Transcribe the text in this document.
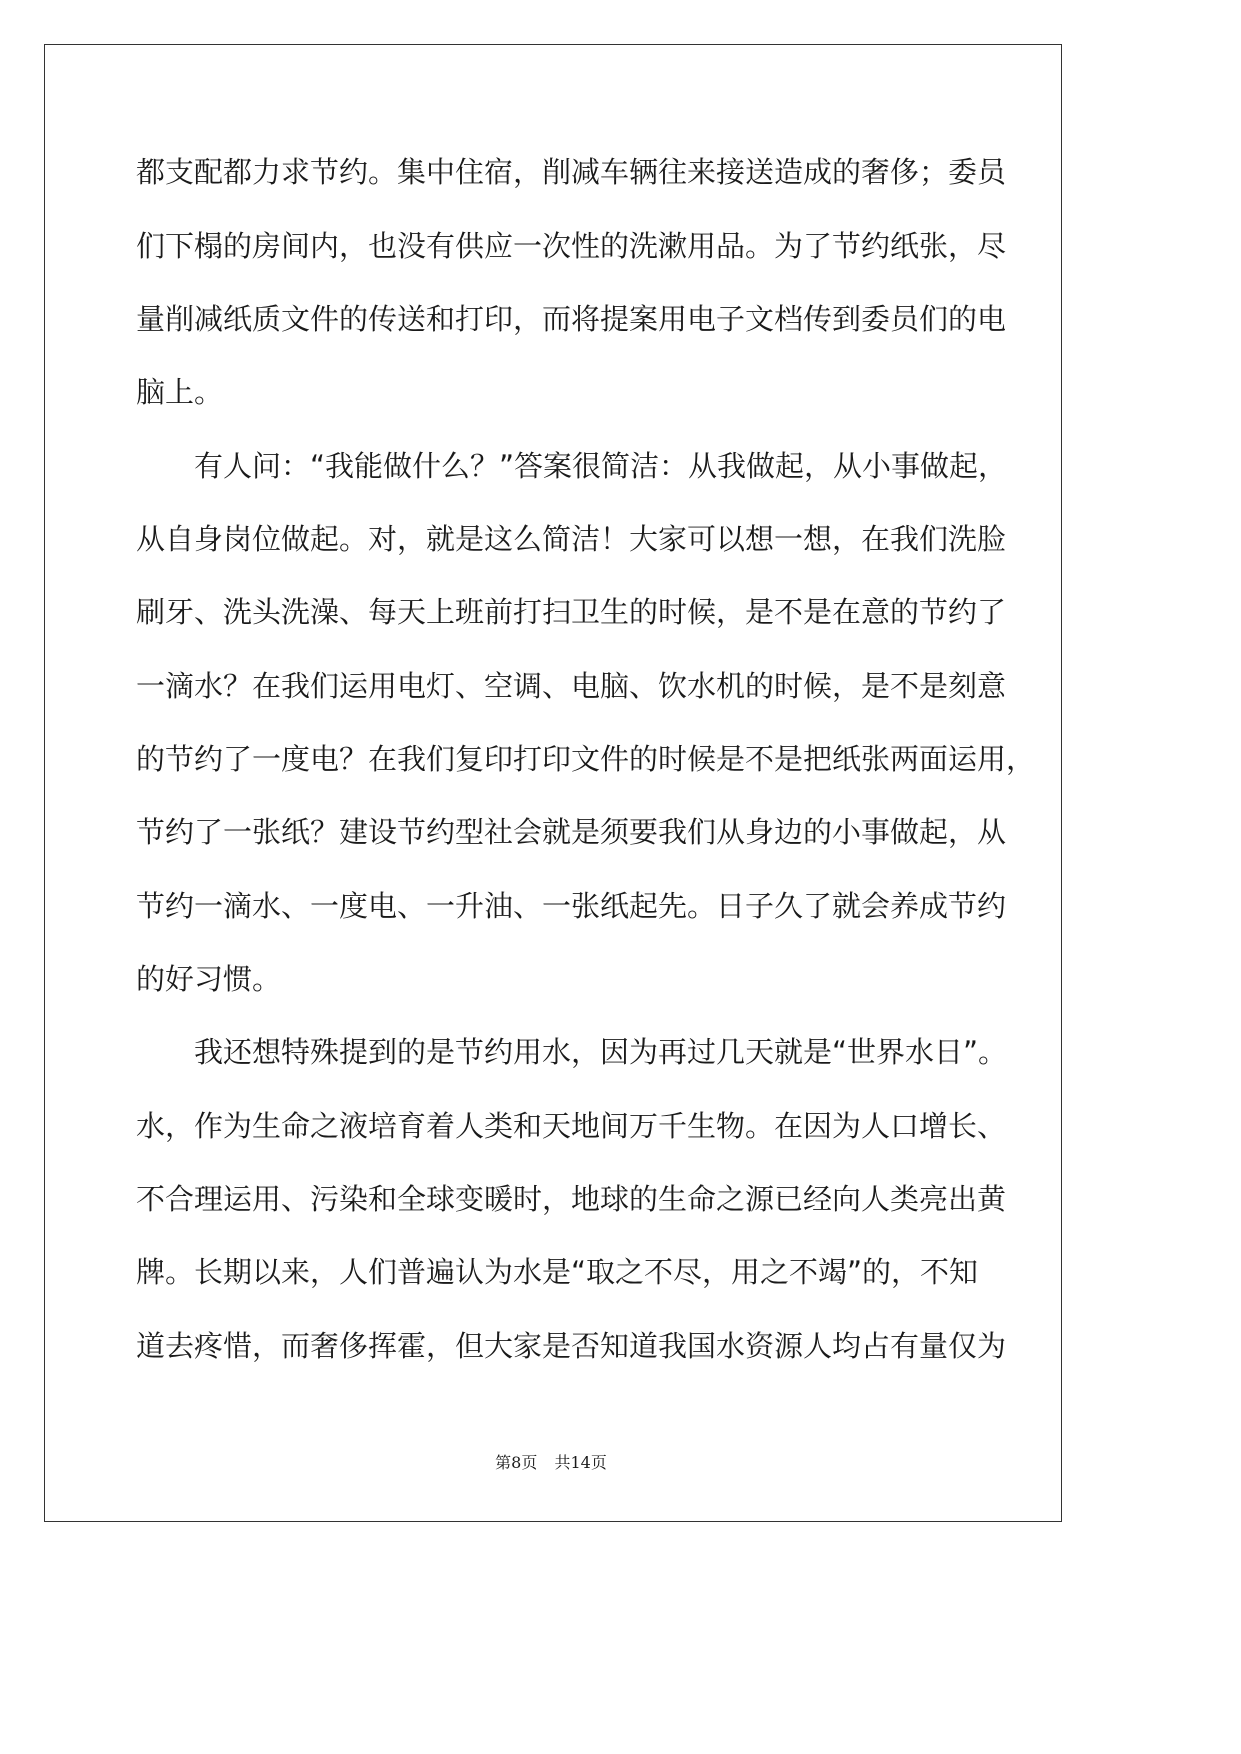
都支配都力求节约。集中住宿，削减车辆往来接送造成的奢侈；委员
们下榻的房间内，也没有供应一次性的洗漱用品。为了节约纸张，尽
量削减纸质文件的传送和打印，而将提案用电子文档传到委员们的电
脑上。
有人问：“我能做什么？”答案很简洁：从我做起，从小事做起，
从自身岗位做起。对，就是这么简洁！大家可以想一想，在我们洗脸
刷牙、洗头洗澡、每天上班前打扫卫生的时候，是不是在意的节约了
一滴水？在我们运用电灯、空调、电脑、饮水机的时候，是不是刻意
的节约了一度电？在我们复印打印文件的时候是不是把纸张两面运用，
节约了一张纸？建设节约型社会就是须要我们从身边的小事做起，从
节约一滴水、一度电、一升油、一张纸起先。日子久了就会养成节约
的好习惯。
我还想特殊提到的是节约用水，因为再过几天就是“世界水日”。
水，作为生命之液培育着人类和天地间万千生物。在因为人口增长、
不合理运用、污染和全球变暖时，地球的生命之源已经向人类亮出黄
牌。长期以来，人们普遍认为水是“取之不尽，用之不竭”的，不知
道去疼惜，而奢侈挥霍，但大家是否知道我国水资源人均占有量仅为
第8页 共14页
